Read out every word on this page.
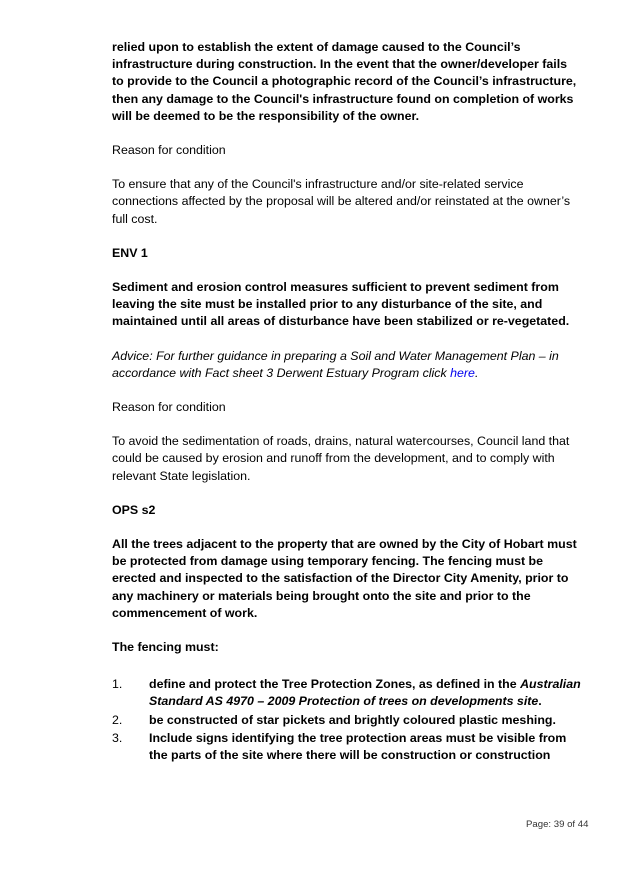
relied upon to establish the extent of damage caused to the Council’s infrastructure during construction. In the event that the owner/developer fails to provide to the Council a photographic record of the Council’s infrastructure, then any damage to the Council's infrastructure found on completion of works will be deemed to be the responsibility of the owner.

Reason for condition

To ensure that any of the Council's infrastructure and/or site-related service connections affected by the proposal will be altered and/or reinstated at the owner’s full cost.

ENV 1

Sediment and erosion control measures sufficient to prevent sediment from leaving the site must be installed prior to any disturbance of the site, and maintained until all areas of disturbance have been stabilized or re-vegetated.

Advice: For further guidance in preparing a Soil and Water Management Plan – in accordance with Fact sheet 3 Derwent Estuary Program click here.

Reason for condition

To avoid the sedimentation of roads, drains, natural watercourses, Council land that could be caused by erosion and runoff from the development, and to comply with relevant State legislation.

OPS s2

All the trees adjacent to the property that are owned by the City of Hobart must be protected from damage using temporary fencing. The fencing must be erected and inspected to the satisfaction of the Director City Amenity, prior to any machinery or materials being brought onto the site and prior to the commencement of work.

The fencing must:

1.	define and protect the Tree Protection Zones, as defined in the Australian Standard AS 4970 – 2009 Protection of trees on developments site.
2.	be constructed of star pickets and brightly coloured plastic meshing.
3.	Include signs identifying the tree protection areas must be visible from the parts of the site where there will be construction or construction
Page: 39 of 44
